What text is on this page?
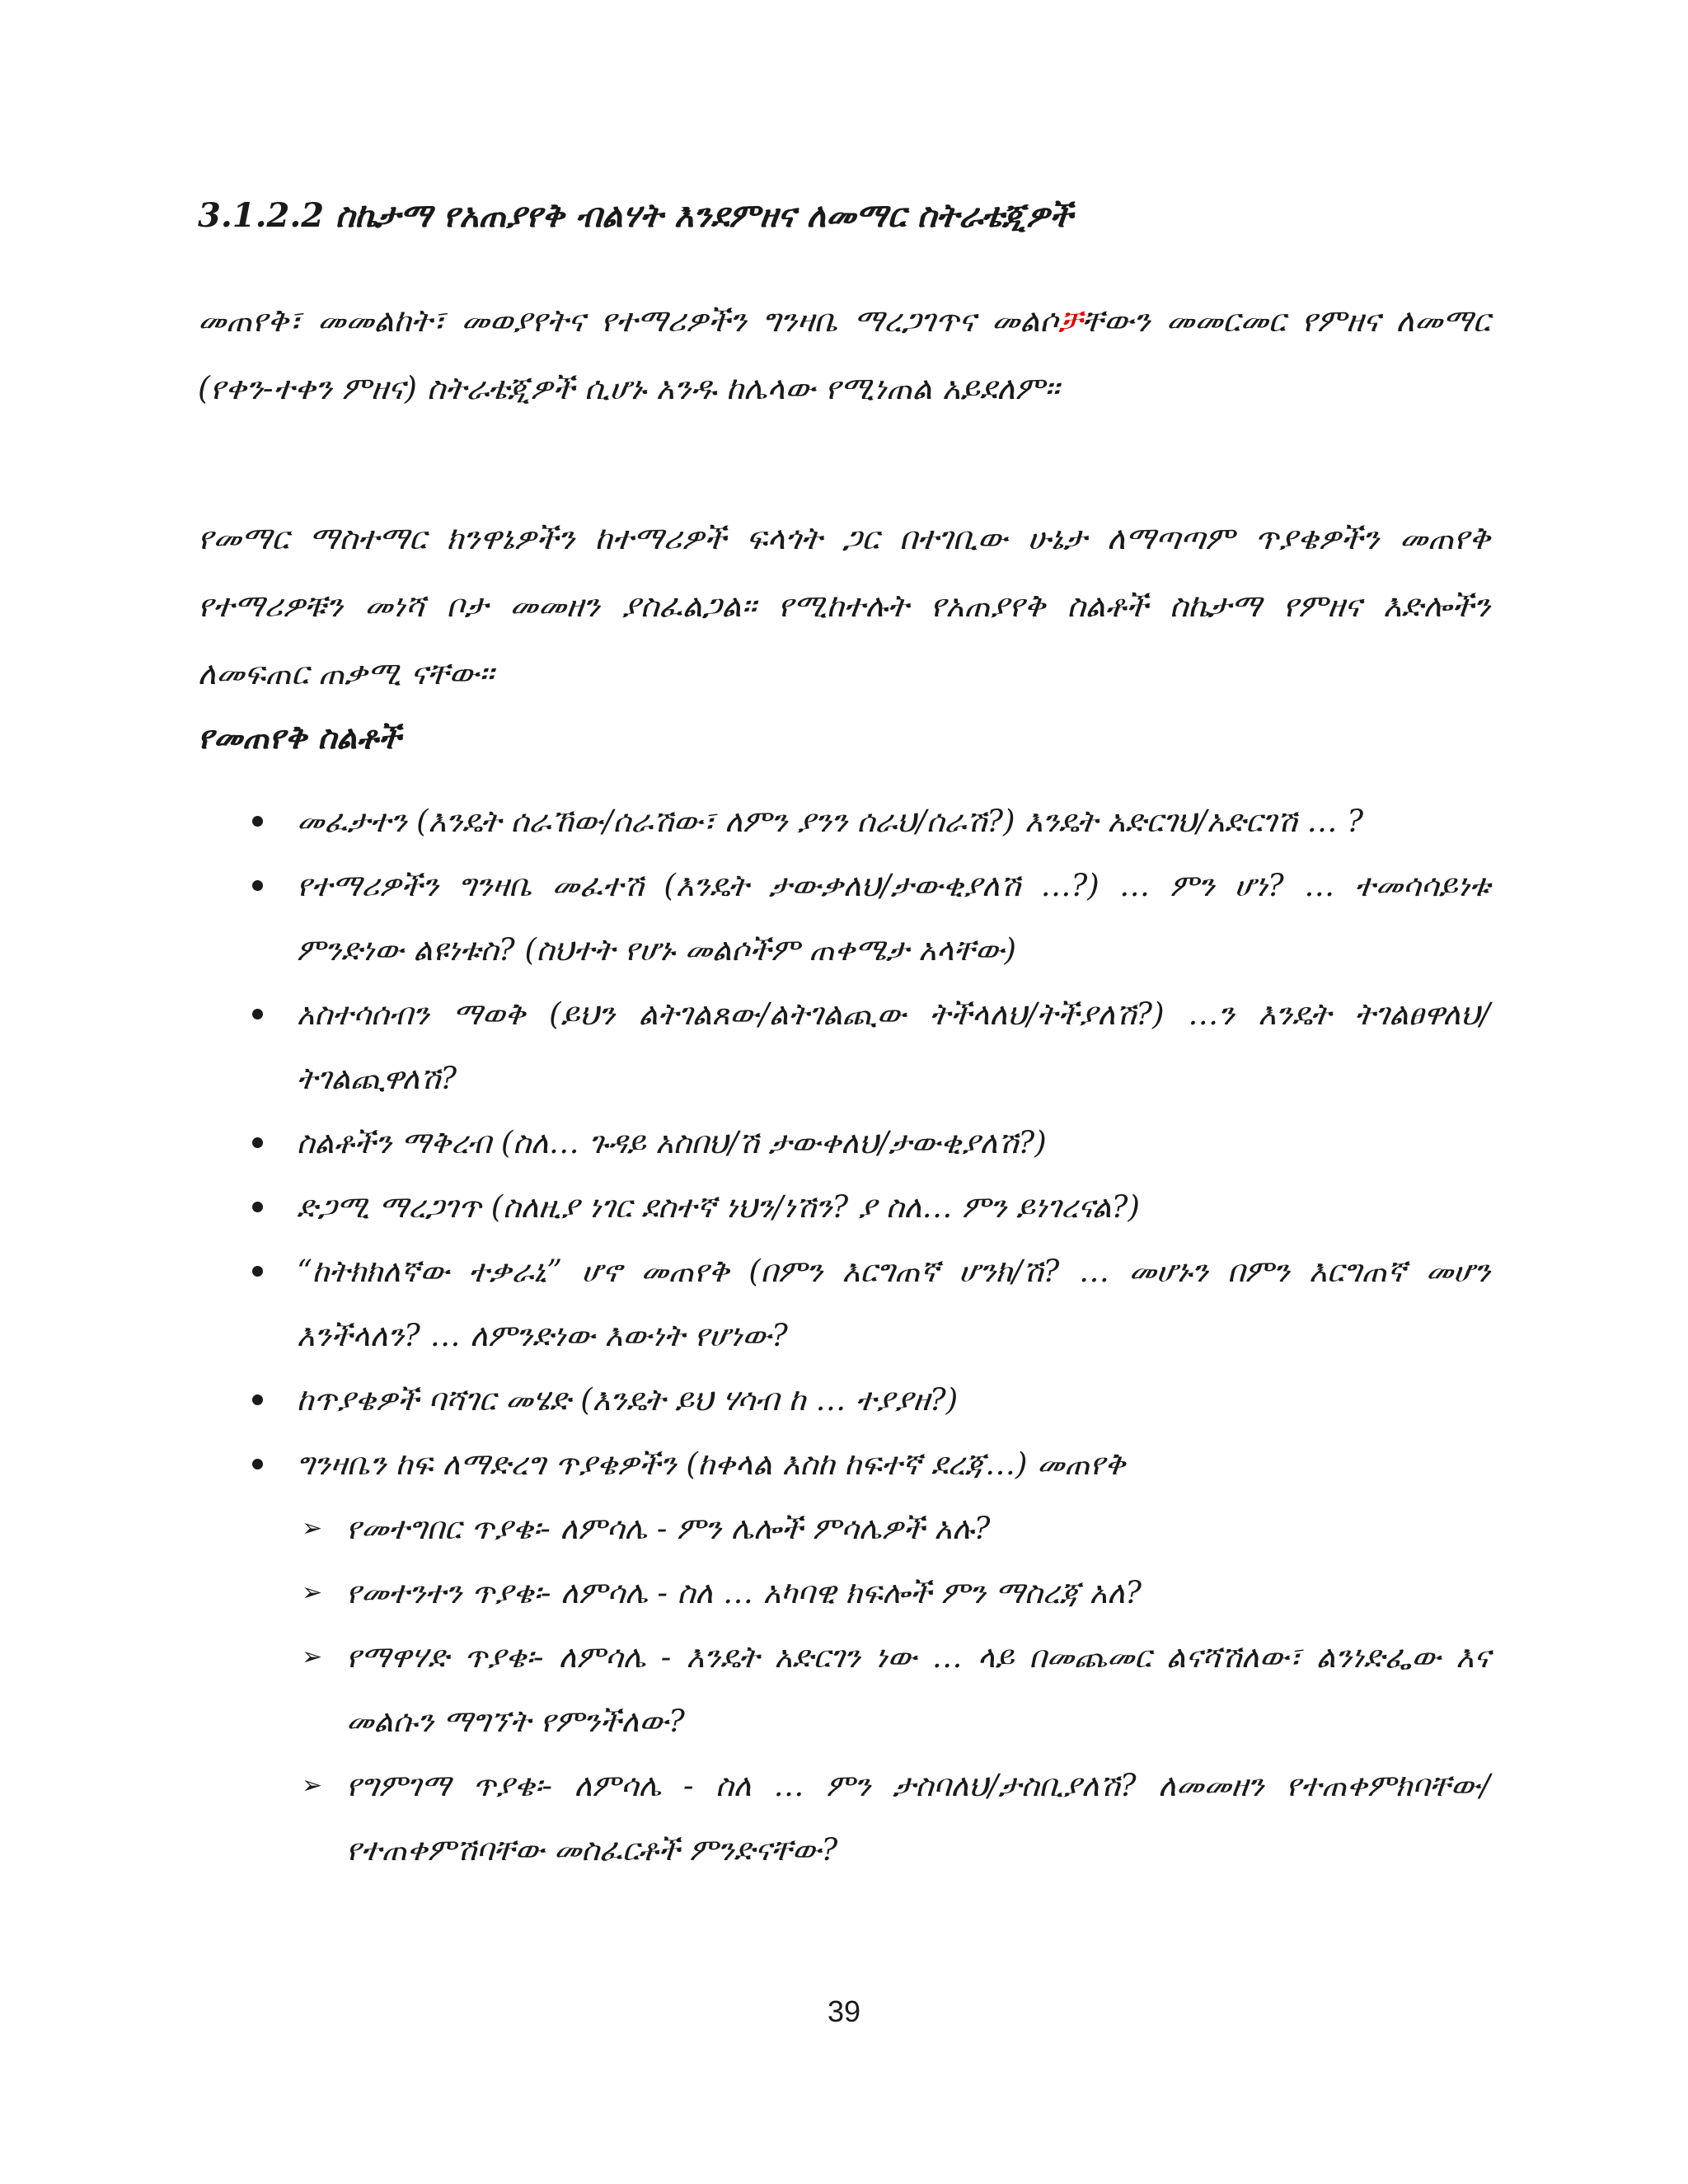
3.1.2.2 ስኬታማ የአጠያየቅ ብልሃት እንደምዘና ለመማር ስትራቴጂዎች
መጠየቅ፣ መመልከት፣ መወያየትና የተማሪዎችን ግንዛቤ ማረጋገጥና መልሶቻቸውን መመርመር የምዘና ለመማር (የቀን-ተቀን ምዘና) ስትራቴጂዎች ሲሆኑ አንዱ ከሌላው የሚነጠል አይደለም፡፡
የመማር ማስተማር ክንዋኔዎችን ከተማሪዎች ፍላጎት ጋር በተገቢው ሁኔታ ለማጣጣም ጥያቄዎችን መጠየቅ የተማሪዎቹን መነሻ ቦታ መመዘን ያስፈልጋል፡፡ የሚከተሉት የአጠያየቅ ስልቶች ስኬታማ የምዘና እድሎችን ለመፍጠር ጠቃሚ ናቸው፡፡
የመጠየቅ ስልቶች
መፈታተን (እንዴት ሰራኸው/ሰራሽው፣ ለምን ያንን ሰራህ/ሰራሽ?) እንዴት አድርገህ/አድርገሽ … ?
የተማሪዎችን ግንዛቤ መፈተሽ (እንዴት ታውቃለህ/ታውቂያለሽ …?) … ምን ሆነ? … ተመሳሳይነቱ ምንድነው ልዩነቱስ? (ስህተት የሆኑ መልሶችም ጠቀሜታ አላቸው)
አስተሳሰብን ማወቅ (ይህን ልትገልጸው/ልትገልጪው ትችላለህ/ትችያለሽ?) …ን እንዴት ትገልፀዋለህ/ትገልጪዋለሽ?
ስልቶችን ማቅረብ (ስለ… ጉዳይ አስበህ/ሽ ታውቀለህ/ታውቂያለሽ?)
ድጋሚ ማረጋገጥ (ስለዚያ ነገር ደስተኛ ነህን/ነሽን? ያ ስለ… ምን ይነገረናል?)
“ከትክክለኛው ተቃራኒ” ሆኖ መጠየቅ (በምን እርግጠኛ ሆንክ/ሽ? … መሆኑን በምን እርግጠኛ መሆን እንችላለን? … ለምንድነው እውነት የሆነው?
ከጥያቄዎች ባሻገር መሄድ (እንዴት ይህ ሃሳብ ከ … ተያያዘ?)
ግንዛቤን ከፍ ለማድረግ ጥያቄዎችን (ከቀላል እስከ ከፍተኛ ደረጃ…) መጠየቅ
➢ የመተግበር ጥያቄ፡- ለምሳሌ - ምን ሌሎች ምሳሌዎች አሉ?
➢ የመተንተን ጥያቄ፡- ለምሳሌ - ስለ … አካባዊ ክፍሎች ምን ማስረጃ አለ?
➢ የማዋሃድ ጥያቄ፡- ለምሳሌ - እንዴት አድርገን ነው … ላይ በመጨመር ልናሻሽለው፣ ልንነድፌው እና መልሱን ማግኘት የምንችለው?
➢ የግምገማ ጥያቄ፡- ለምሳሌ - ስለ … ምን ታስባለህ/ታስቢያለሽ? ለመመዘን የተጠቀምክባቸው/የተጠቀምሽባቸው መስፈርቶች ምንድናቸው?
39
